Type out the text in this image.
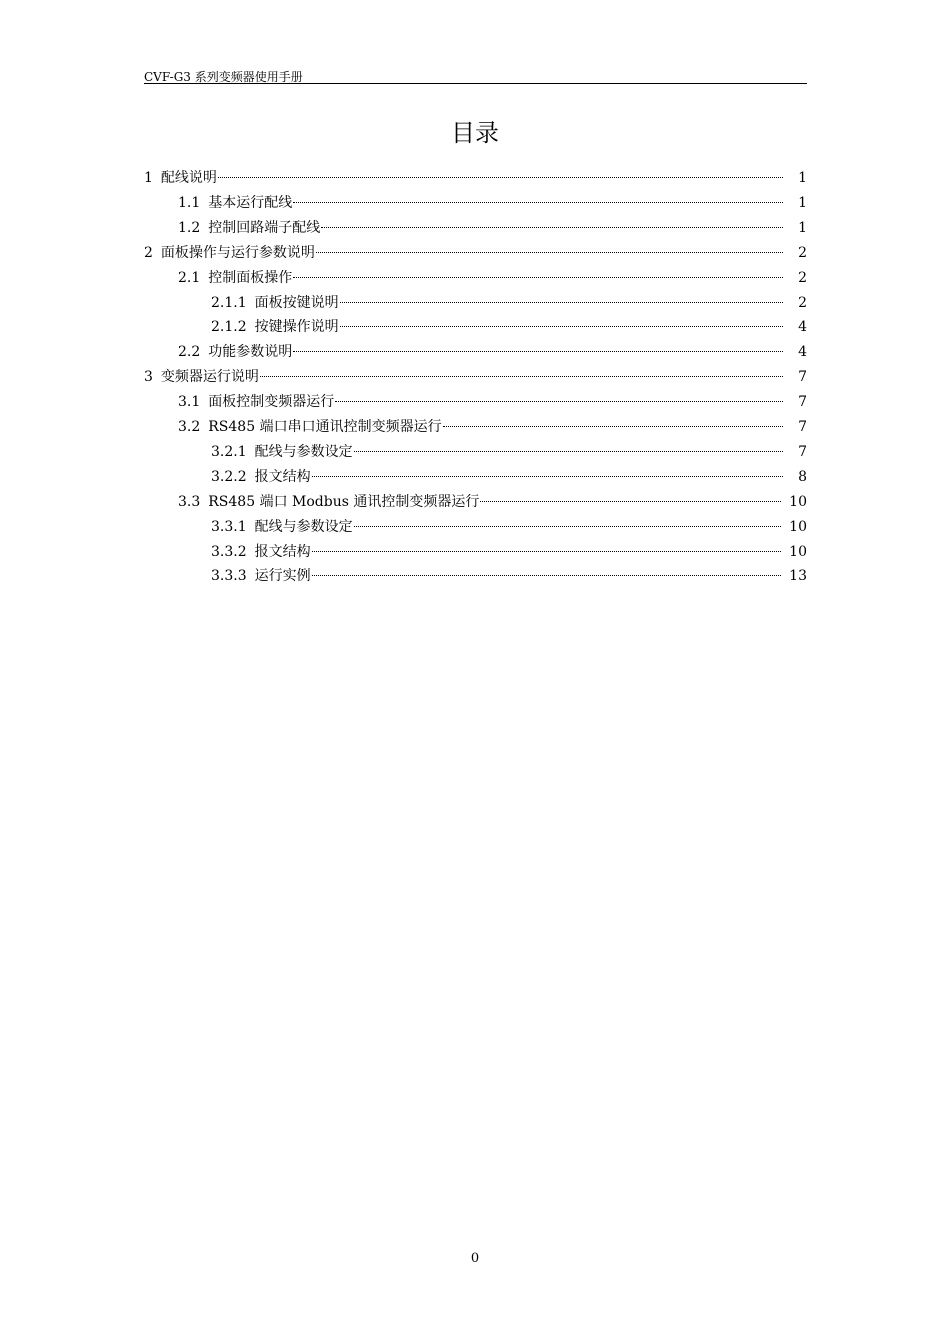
CVF-G3 系列变频器使用手册
目录
1 配线说明	1
1.1 基本运行配线	1
1.2 控制回路端子配线	1
2 面板操作与运行参数说明	2
2.1 控制面板操作	2
2.1.1 面板按键说明	2
2.1.2 按键操作说明	4
2.2 功能参数说明	4
3 变频器运行说明	7
3.1 面板控制变频器运行	7
3.2 RS485 端口串口通讯控制变频器运行	7
3.2.1 配线与参数设定	7
3.2.2 报文结构	8
3.3 RS485 端口 Modbus 通讯控制变频器运行	10
3.3.1 配线与参数设定	10
3.3.2 报文结构	10
3.3.3 运行实例	13
0
